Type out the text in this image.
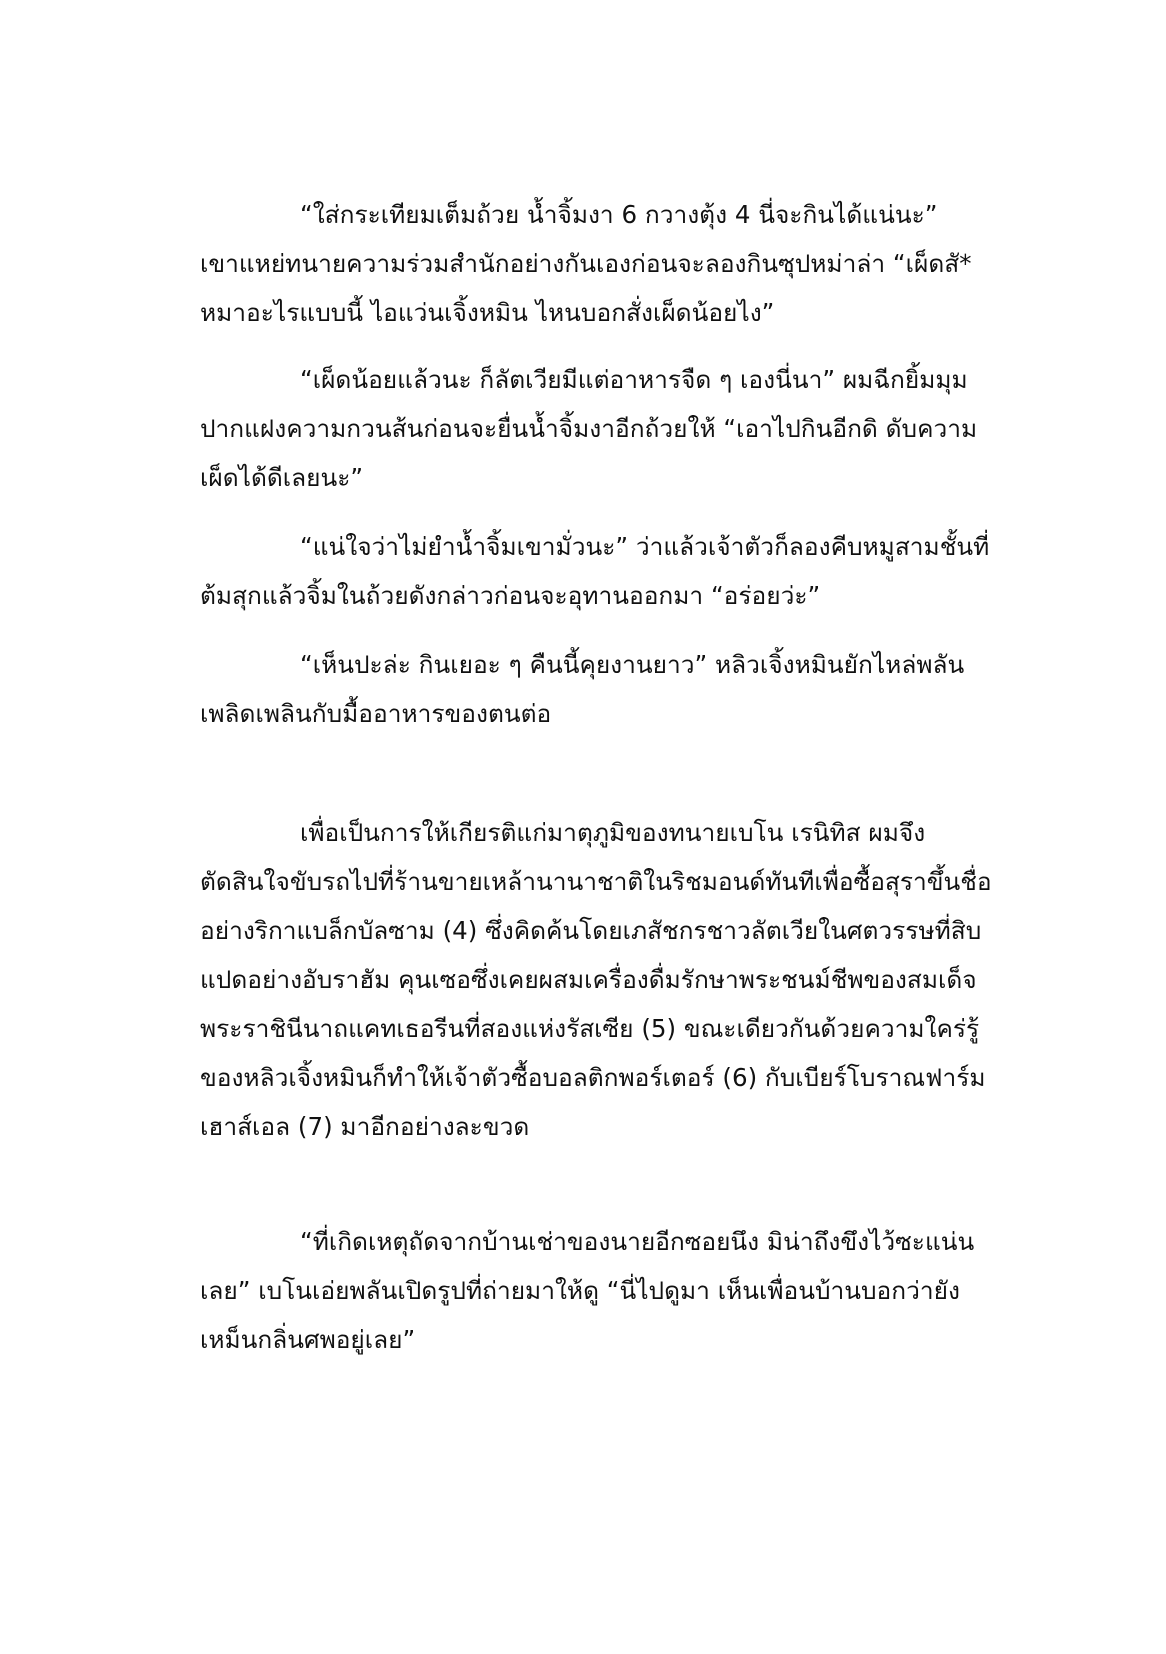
“ใส่กระเทียมเต็มถ้วย น้ำจิ้มงา 6 กวางตุ้ง 4 นี่จะกินได้แน่นะ”
เขาแหย่ทนายความร่วมสำนักอย่างกันเองก่อนจะลองกินซุปหม่าล่า “เผ็ดสั*
หมาอะไรแบบนี้ ไอแว่นเจิ้งหมิน ไหนบอกสั่งเผ็ดน้อยไง”

“เผ็ดน้อยแล้วนะ ก็ลัตเวียมีแต่อาหารจืด ๆ เองนี่นา” ผมฉีกยิ้มมุม
ปากแฝงความกวนส้นก่อนจะยื่นน้ำจิ้มงาอีกถ้วยให้ “เอาไปกินอีกดิ ดับความ
เผ็ดได้ดีเลยนะ”

“แน่ใจว่าไม่ยำน้ำจิ้มเขามั่วนะ” ว่าแล้วเจ้าตัวก็ลองคีบหมูสามชั้นที่
ต้มสุกแล้วจิ้มในถ้วยดังกล่าวก่อนจะอุทานออกมา “อร่อยว่ะ”

“เห็นปะล่ะ กินเยอะ ๆ คืนนี้คุยงานยาว” หลิวเจิ้งหมินยักไหล่พลัน
เพลิดเพลินกับมื้ออาหารของตนต่อ

เพื่อเป็นการให้เกียรติแก่มาตุภูมิของทนายเบโน เรนิทิส ผมจึง
ตัดสินใจขับรถไปที่ร้านขายเหล้านานาชาติในริชมอนด์ทันทีเพื่อซื้อสุราขึ้นชื่อ
อย่างริกาแบล็กบัลซาม (4) ซึ่งคิดค้นโดยเภสัชกรชาวลัตเวียในศตวรรษที่สิบ
แปดอย่างอับราฮัม คุนเซอซึ่งเคยผสมเครื่องดื่มรักษาพระชนม์ชีพของสมเด็จ
พระราชินีนาถแคทเธอรีนที่สองแห่งรัสเซีย (5) ขณะเดียวกันด้วยความใคร่รู้
ของหลิวเจิ้งหมินก็ทำให้เจ้าตัวซื้อบอลติกพอร์เตอร์ (6) กับเบียร์โบราณฟาร์ม
เฮาส์เอล (7) มาอีกอย่างละขวด

“ที่เกิดเหตุถัดจากบ้านเช่าของนายอีกซอยนึง มิน่าถึงขึงไว้ซะแน่น
เลย” เบโนเอ่ยพลันเปิดรูปที่ถ่ายมาให้ดู “นี่ไปดูมา เห็นเพื่อนบ้านบอกว่ายัง
เหม็นกลิ่นศพอยู่เลย”
